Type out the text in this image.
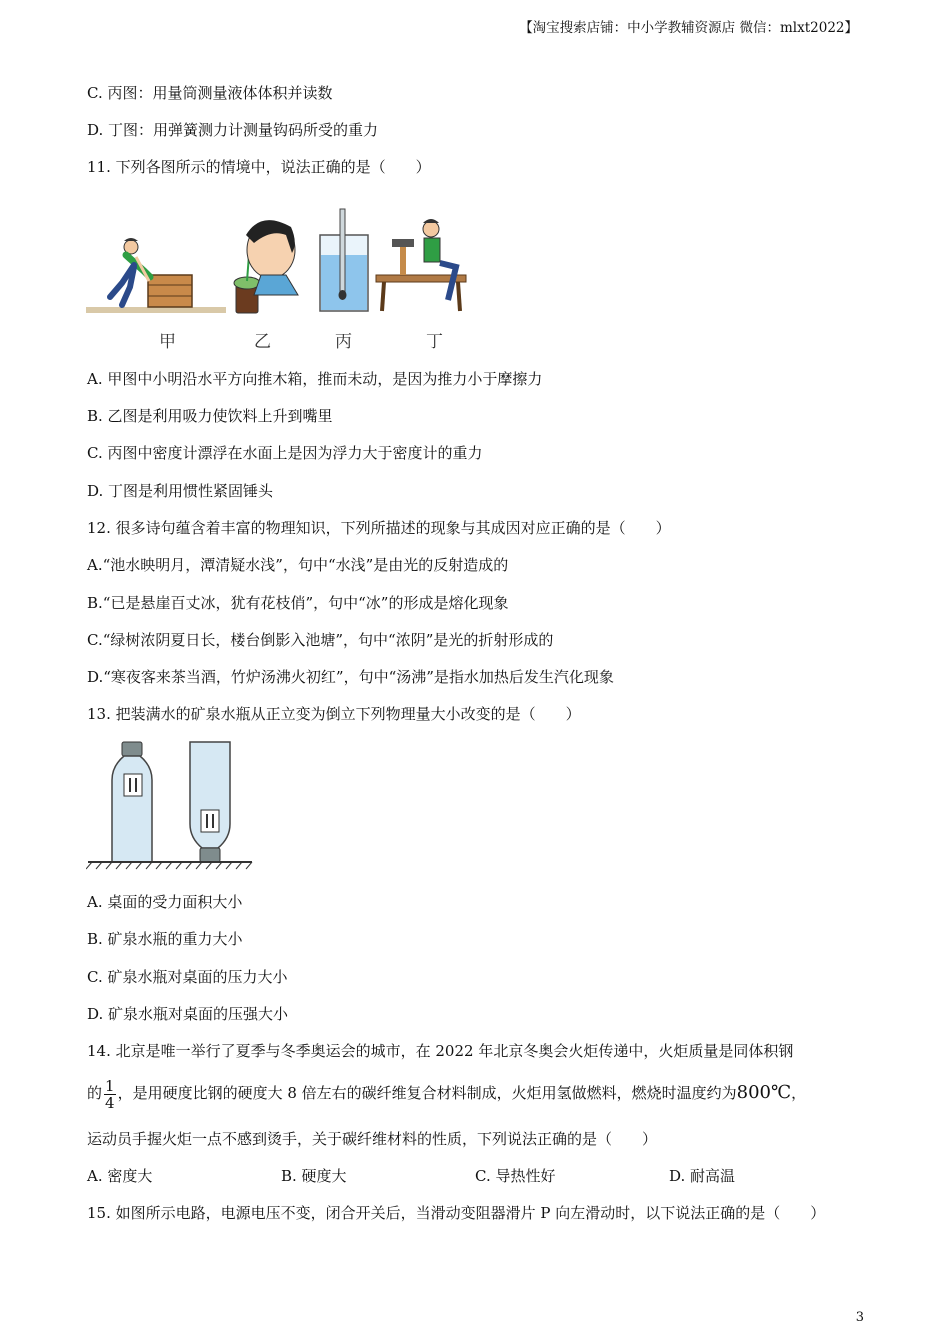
【淘宝搜索店铺：中小学教辅资源店 微信：mlxt2022】
C. 丙图：用量筒测量液体体积并读数
D. 丁图：用弹簧测力计测量钩码所受的重力
11. 下列各图所示的情境中，说法正确的是（　　）
甲	乙	丙	丁
A. 甲图中小明沿水平方向推木箱，推而未动，是因为推力小于摩擦力
B. 乙图是利用吸力使饮料上升到嘴里
C. 丙图中密度计漂浮在水面上是因为浮力大于密度计的重力
D. 丁图是利用惯性紧固锤头
12. 很多诗句蕴含着丰富的物理知识，下列所描述的现象与其成因对应正确的是（　　）
A.“池水映明月，潭清疑水浅”，句中“水浅”是由光的反射造成的
B.“已是悬崖百丈冰，犹有花枝俏”，句中“冰”的形成是熔化现象
C.“绿树浓阴夏日长，楼台倒影入池塘”，句中“浓阴”是光的折射形成的
D.“寒夜客来茶当酒，竹炉汤沸火初红”，句中“汤沸”是指水加热后发生汽化现象
13. 把装满水的矿泉水瓶从正立变为倒立下列物理量大小改变的是（　　）
A. 桌面的受力面积大小
B. 矿泉水瓶的重力大小
C. 矿泉水瓶对桌面的压力大小
D. 矿泉水瓶对桌面的压强大小
14. 北京是唯一举行了夏季与冬季奥运会的城市，在 2022 年北京冬奥会火炬传递中，火炬质量是同体积钢
的 $\frac{1}{4}$ ，是用硬度比钢的硬度大 8 倍左右的碳纤维复合材料制成，火炬用氢做燃料，燃烧时温度约为800℃，
运动员手握火炬一点不感到烫手，关于碳纤维材料的性质，下列说法正确的是（　　）
A. 密度大	B. 硬度大	C. 导热性好	D. 耐高温
15. 如图所示电路，电源电压不变，闭合开关后，当滑动变阻器滑片 P 向左滑动时，以下说法正确的是（　　）
3
